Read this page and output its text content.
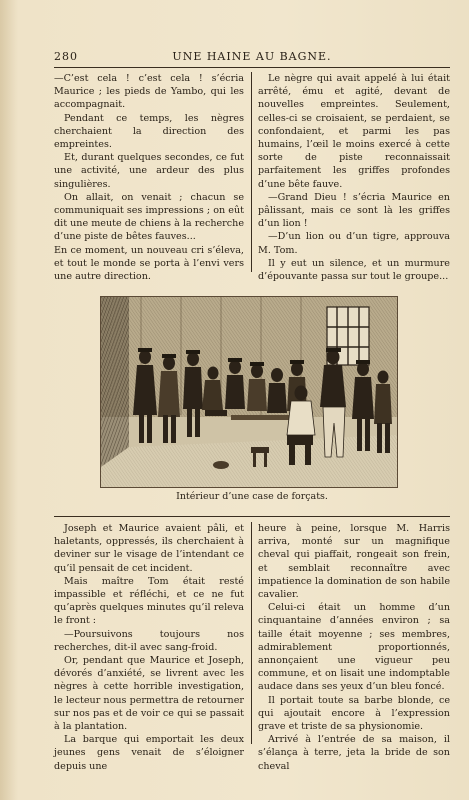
280	UNE HAINE AU BAGNE.

—C’est cela ! c’est cela ! s’écria Maurice ; les pieds de Yambo, qui les accompagnait.

Pendant ce temps, les nègres cherchaient la direction des empreintes.

Et, durant quelques secondes, ce fut une activité, une ardeur des plus singulières.

On allait, on venait ; chacun se communiquait ses impressions ; on eût dit une meute de chiens à la recherche d’une piste de bêtes fauves...

En ce moment, un nouveau cri s’éleva, et tout le monde se porta à l’envi vers une autre direction.

Le nègre qui avait appelé à lui était arrêté, ému et agité, devant de nouvelles empreintes. Seulement, celles-ci se croisaient, se perdaient, se confondaient, et parmi les pas humains, l’œil le moins exercé à cette sorte de piste reconnaissait parfaitement les griffes profondes d’une bête fauve.

—Grand Dieu ! s’écria Maurice en pâlissant, mais ce sont là les griffes d’un lion !

—D’un lion ou d’un tigre, approuva M. Tom.

Il y eut un silence, et un murmure d’épouvante passa sur tout le groupe...

Intérieur d’une case de forçats.

Joseph et Maurice avaient pâli, et haletants, oppressés, ils cherchaient à deviner sur le visage de l’intendant ce qu’il pensait de cet incident.

Mais maître Tom était resté impassible et réfléchi, et ce ne fut qu’après quelques minutes qu’il releva le front :

—Poursuivons toujours nos recherches, dit-il avec sang-froid.

Or, pendant que Maurice et Joseph, dévorés d’anxiété, se livrent avec les nègres à cette horrible investigation, le lecteur nous permettra de retourner sur nos pas et de voir ce qui se passait à la plantation.

La barque qui emportait les deux jeunes gens venait de s’éloigner depuis une

heure à peine, lorsque M. Harris arriva, monté sur un magnifique cheval qui piaffait, rongeait son frein, et semblait reconnaître avec impatience la domination de son habile cavalier.

Celui-ci était un homme d’un cinquantaine d’années environ ; sa taille était moyenne ; ses membres, admirablement proportionnés, annonçaient une vigueur peu commune, et on lisait une indomptable audace dans ses yeux d’un bleu foncé.

Il portait toute sa barbe blonde, ce qui ajoutait encore à l’expression grave et triste de sa physionomie.

Arrivé à l’entrée de sa maison, il s’élança à terre, jeta la bride de son cheval
